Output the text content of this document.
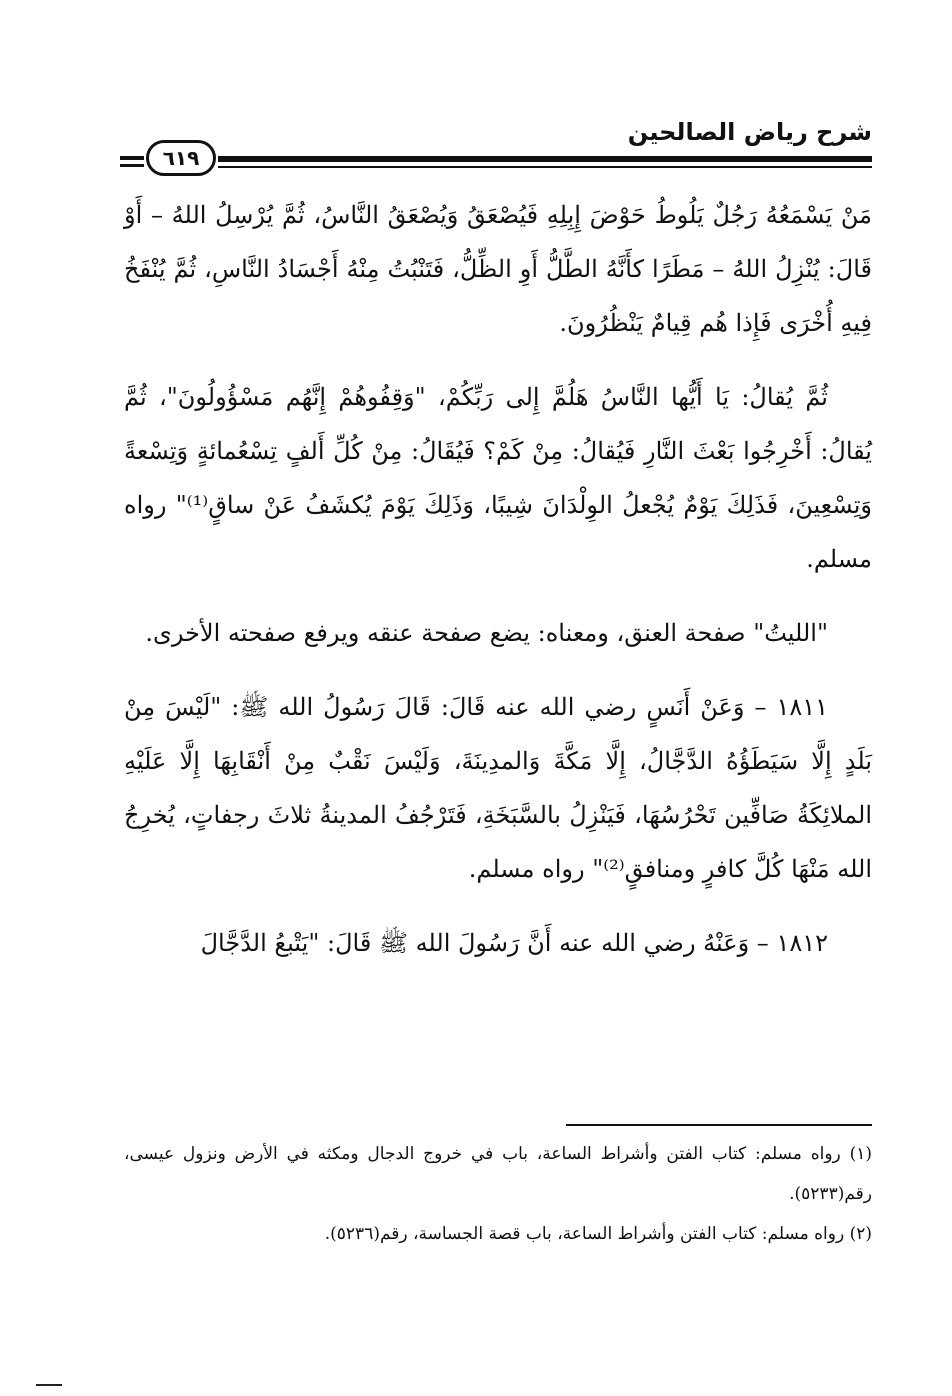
شرح رياض الصالحين
٦١٩

مَنْ يَسْمَعُهُ رَجُلٌ يَلُوطُ حَوْضَ إِبِلِهِ فَيُصْعَقُ وَيُصْعَقُ النَّاسُ، ثُمَّ يُرْسِلُ اللهُ – أَوْ قَالَ: يُنْزِلُ اللهُ – مَطَرًا كأَنَّهُ الطَّلُّ أَوِ الظِّلُّ، فَتَنْبُتُ مِنْهُ أَجْسَادُ النَّاسِ، ثُمَّ يُنْفَخُ فِيهِ أُخْرَى فَإِذا هُم قِيامٌ يَنْظُرُونَ.

ثُمَّ يُقالُ: يَا أَيُّها النَّاسُ هَلُمَّ إِلى رَبِّكُمْ، "وَقِفُوهُمْ إِنَّهُم مَسْؤُولُونَ"، ثُمَّ يُقالُ: أَخْرِجُوا بَعْثَ النَّارِ فَيُقالُ: مِنْ كَمْ؟ فَيُقَالُ: مِنْ كُلِّ أَلفٍ تِسْعُمائةٍ وَتِسْعةً وَتِسْعِينَ، فَذَلِكَ يَوْمٌ يُجْعلُ الوِلْدَانَ شِيبًا، وَذَلِكَ يَوْمَ يُكشَفُ عَنْ ساقٍ⁽¹⁾" رواه مسلم.

"الليتُ" صفحة العنق، ومعناه: يضع صفحة عنقه ويرفع صفحته الأخرى.

١٨١١ – وَعَنْ أَنَسٍ رضي الله عنه قَالَ: قَالَ رَسُولُ الله ﷺ: "لَيْسَ مِنْ بَلَدٍ إِلَّا سَيَطَؤُهُ الدَّجَّالُ، إِلَّا مَكَّةَ وَالمدِينَةَ، وَلَيْسَ نَقْبٌ مِنْ أَنْقَابِهَا إِلَّا عَلَيْهِ الملائِكَةُ صَافِّين تَحْرُسُهَا، فَيَنْزِلُ بالسَّبَخَةِ، فَتَرْجُفُ المدينةُ ثلاثَ رجفاتٍ، يُخرِجُ الله مَنْهَا كُلَّ كافرٍ ومنافقٍ⁽²⁾" رواه مسلم.

١٨١٢ – وَعَنْهُ رضي الله عنه أَنَّ رَسُولَ الله ﷺ قَالَ: "يَتْبعُ الدَّجَّالَ

(١) رواه مسلم: كتاب الفتن وأشراط الساعة، باب في خروج الدجال ومكثه في الأرض ونزول عيسى، رقم(٥٢٣٣).

(٢) رواه مسلم: كتاب الفتن وأشراط الساعة، باب قصة الجساسة، رقم(٥٢٣٦).
